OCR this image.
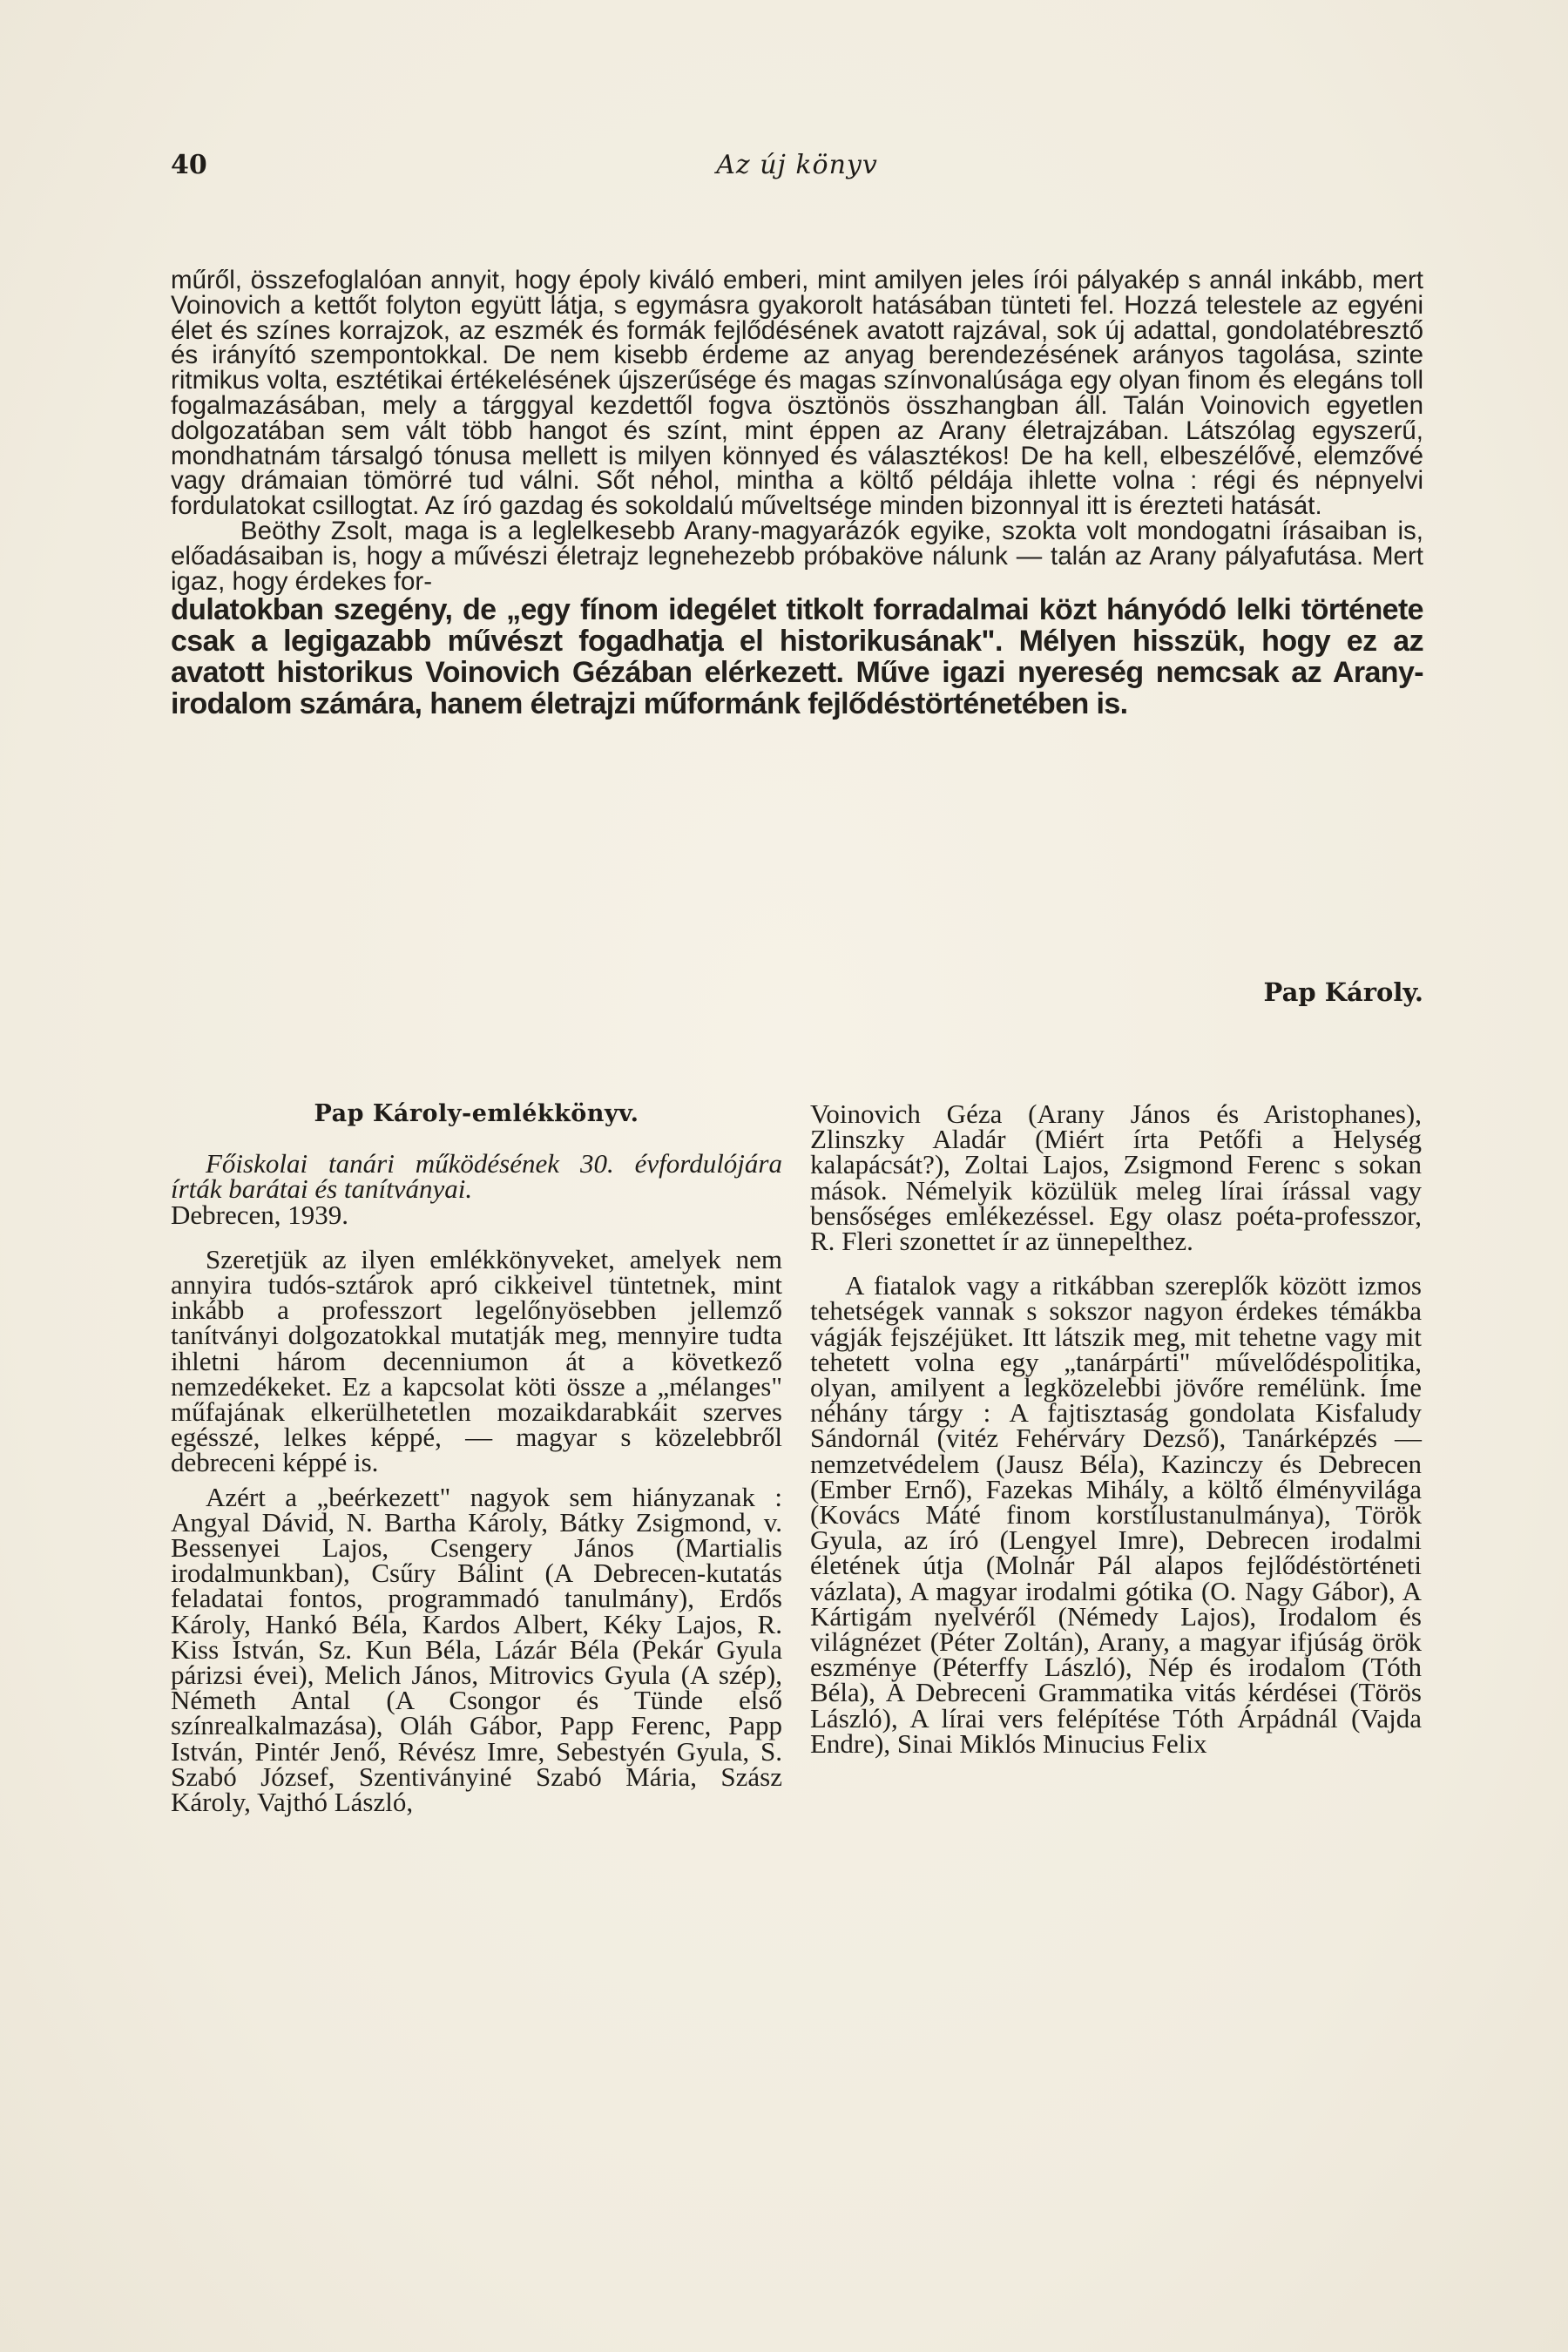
40	Az új könyv

műről, összefoglalóan annyit, hogy époly kiváló emberi, mint amilyen jeles írói pályakép s annál inkább, mert Voinovich a kettőt folyton együtt látja, s egymásra gyakorolt hatásában tünteti fel. Hozzá telestele az egyéni élet és színes korrajzok, az eszmék és formák fejlődésének avatott rajzával, sok új adattal, gondolatébresztő és irányító szempontokkal. De nem kisebb érdeme az anyag berendezésének arányos tagolása, szinte ritmikus volta, esztétikai értékelésének újszerűsége és magas színvonalúsága egy olyan finom és elegáns toll fogalmazásában, mely a tárggyal kezdettől fogva ösztönös összhangban áll. Talán Voinovich egyetlen dolgozatában sem vált több hangot és színt, mint éppen az Arany életrajzában. Látszólag egyszerű, mondhatnám társalgó tónusa mellett is milyen könnyed és választékos! De ha kell, elbeszélővé, elemzővé vagy drámaian tömörré tud válni. Sőt néhol, mintha a költő példája ihlette volna : régi és népnyelvi fordulatokat csillogtat. Az író gazdag és sokoldalú műveltsége minden bizonnyal itt is érezteti hatását.

Beöthy Zsolt, maga is a leglelkesebb Arany-magyarázók egyike, szokta volt mondogatni írásaiban is, előadásaiban is, hogy a művészi életrajz legnehezebb próbaköve nálunk — talán az Arany pályafutása. Mert igaz, hogy érdekes for-

dulatokban szegény, de „egy fínom idegélet titkolt forradalmai közt hányódó lelki története csak a legigazabb művészt fogadhatja el historikusának". Mélyen hisszük, hogy ez az avatott historikus Voinovich Gézában elérkezett. Műve igazi nyereség nemcsak az Arany-irodalom számára, hanem életrajzi műformánk fejlődéstörténetében is.

Pap Károly.

Pap Károly-emlékkönyv.

Főiskolai tanári működésének 30. évfordulójára írták barátai és tanítványai.

Debrecen, 1939.

Szeretjük az ilyen emlékkönyveket, amelyek nem annyira tudós-sztárok apró cikkeivel tüntetnek, mint inkább a professzort legelőnyösebben jellemző tanítványi dolgozatokkal mutatják meg, mennyire tudta ihletni három decenniumon át a következő nemzedékeket. Ez a kapcsolat köti össze a „mélanges" műfajának elkerülhetetlen mozaikdarabkáit szerves egésszé, lelkes képpé, — magyar s közelebbről debreceni képpé is.

Azért a „beérkezett" nagyok sem hiányzanak : Angyal Dávid, N. Bartha Károly, Bátky Zsigmond, v. Bessenyei Lajos, Csengery János (Martialis irodalmunkban), Csűry Bálint (A Debrecen-kutatás feladatai fontos, programmadó tanulmány), Erdős Károly, Hankó Béla, Kardos Albert, Kéky Lajos, R. Kiss István, Sz. Kun Béla, Lázár Béla (Pekár Gyula párizsi évei), Melich János, Mitrovics Gyula (A szép), Németh Antal (A Csongor és Tünde első színrealkalmazása), Oláh Gábor, Papp Ferenc, Papp István, Pintér Jenő, Révész Imre, Sebestyén Gyula, S. Szabó József, Szentiványiné Szabó Mária, Szász Károly, Vajthó László,

Voinovich Géza (Arany János és Aristophanes), Zlinszky Aladár (Miért írta Petőfi a Helység kalapácsát?), Zoltai Lajos, Zsigmond Ferenc s sokan mások. Némelyik közülük meleg lírai írással vagy bensőséges emlékezéssel. Egy olasz poéta-professzor, R. Fleri szonettet ír az ünnepelthez.

A fiatalok vagy a ritkábban szereplők között izmos tehetségek vannak s sokszor nagyon érdekes témákba vágják fejszéjüket. Itt látszik meg, mit tehetne vagy mit tehetett volna egy „tanárpárti" művelődéspolitika, olyan, amilyent a legközelebbi jövőre remélünk. Íme néhány tárgy : A fajtisztaság gondolata Kisfaludy Sándornál (vitéz Fehérváry Dezső), Tanárképzés — nemzetvédelem (Jausz Béla), Kazinczy és Debrecen (Ember Ernő), Fazekas Mihály, a költő élményvilága (Kovács Máté finom korstílustanulmánya), Török Gyula, az író (Lengyel Imre), Debrecen irodalmi életének útja (Molnár Pál alapos fejlődéstörténeti vázlata), A magyar irodalmi gótika (O. Nagy Gábor), A Kártigám nyelvéről (Némedy Lajos), Irodalom és világnézet (Péter Zoltán), Arany, a magyar ifjúság örök eszménye (Péterffy László), Nép és irodalom (Tóth Béla), A Debreceni Grammatika vitás kérdései (Törös László), A lírai vers felépítése Tóth Árpádnál (Vajda Endre), Sinai Miklós Minucius Felix
